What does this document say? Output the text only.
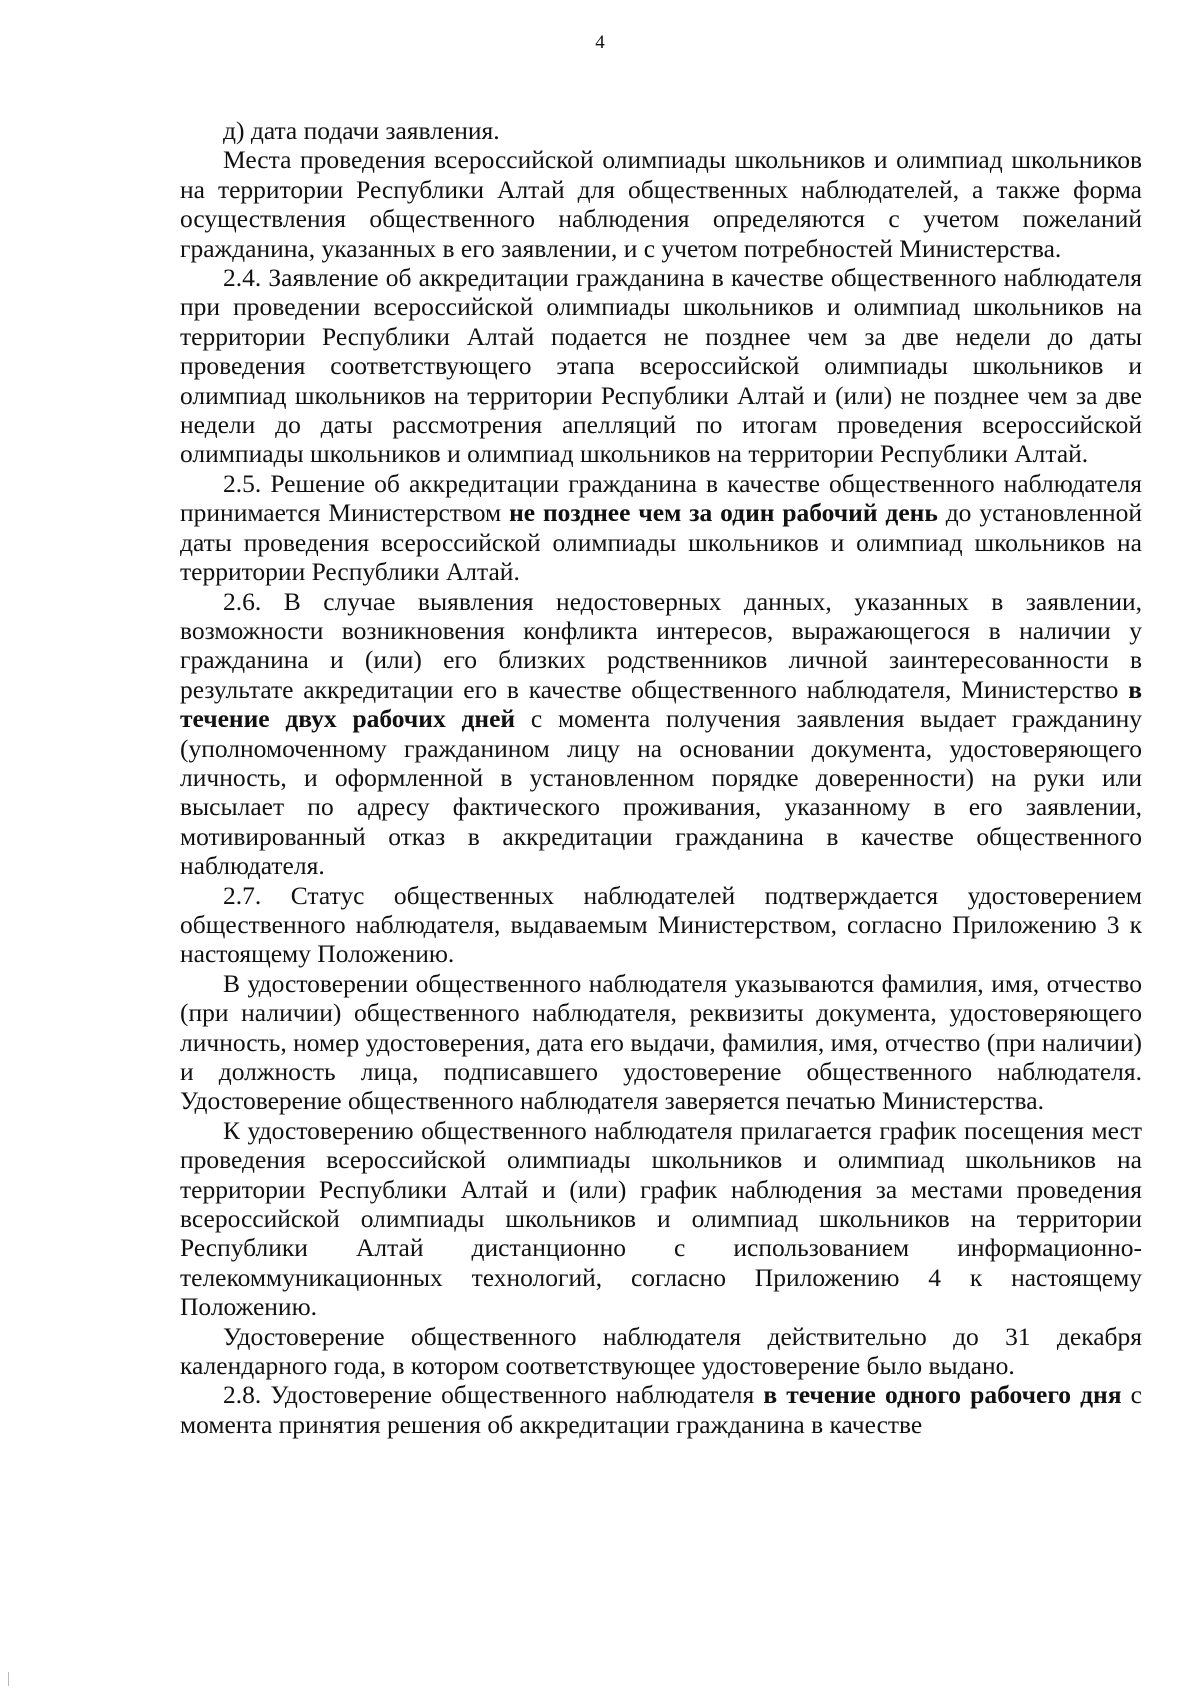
4

д) дата подачи заявления.

Места проведения всероссийской олимпиады школьников и олимпиад школьников на территории Республики Алтай для общественных наблюдателей, а также форма осуществления общественного наблюдения определяются с учетом пожеланий гражданина, указанных в его заявлении, и с учетом потребностей Министерства.

2.4. Заявление об аккредитации гражданина в качестве общественного наблюдателя при проведении всероссийской олимпиады школьников и олимпиад школьников на территории Республики Алтай подается не позднее чем за две недели до даты проведения соответствующего этапа всероссийской олимпиады школьников и олимпиад школьников на территории Республики Алтай и (или) не позднее чем за две недели до даты рассмотрения апелляций по итогам проведения всероссийской олимпиады школьников и олимпиад школьников на территории Республики Алтай.

2.5. Решение об аккредитации гражданина в качестве общественного наблюдателя принимается Министерством не позднее чем за один рабочий день до установленной даты проведения всероссийской олимпиады школьников и олимпиад школьников на территории Республики Алтай.

2.6. В случае выявления недостоверных данных, указанных в заявлении, возможности возникновения конфликта интересов, выражающегося в наличии у гражданина и (или) его близких родственников личной заинтересованности в результате аккредитации его в качестве общественного наблюдателя, Министерство в течение двух рабочих дней с момента получения заявления выдает гражданину (уполномоченному гражданином лицу на основании документа, удостоверяющего личность, и оформленной в установленном порядке доверенности) на руки или высылает по адресу фактического проживания, указанному в его заявлении, мотивированный отказ в аккредитации гражданина в качестве общественного наблюдателя.

2.7. Статус общественных наблюдателей подтверждается удостоверением общественного наблюдателя, выдаваемым Министерством, согласно Приложению 3 к настоящему Положению.

В удостоверении общественного наблюдателя указываются фамилия, имя, отчество (при наличии) общественного наблюдателя, реквизиты документа, удостоверяющего личность, номер удостоверения, дата его выдачи, фамилия, имя, отчество (при наличии) и должность лица, подписавшего удостоверение общественного наблюдателя. Удостоверение общественного наблюдателя заверяется печатью Министерства.

К удостоверению общественного наблюдателя прилагается график посещения мест проведения всероссийской олимпиады школьников и олимпиад школьников на территории Республики Алтай и (или) график наблюдения за местами проведения всероссийской олимпиады школьников и олимпиад школьников на территории Республики Алтай дистанционно с использованием информационно-телекоммуникационных технологий, согласно Приложению 4 к настоящему Положению.

Удостоверение общественного наблюдателя действительно до 31 декабря календарного года, в котором соответствующее удостоверение было выдано.

2.8. Удостоверение общественного наблюдателя в течение одного рабочего дня с момента принятия решения об аккредитации гражданина в качестве
